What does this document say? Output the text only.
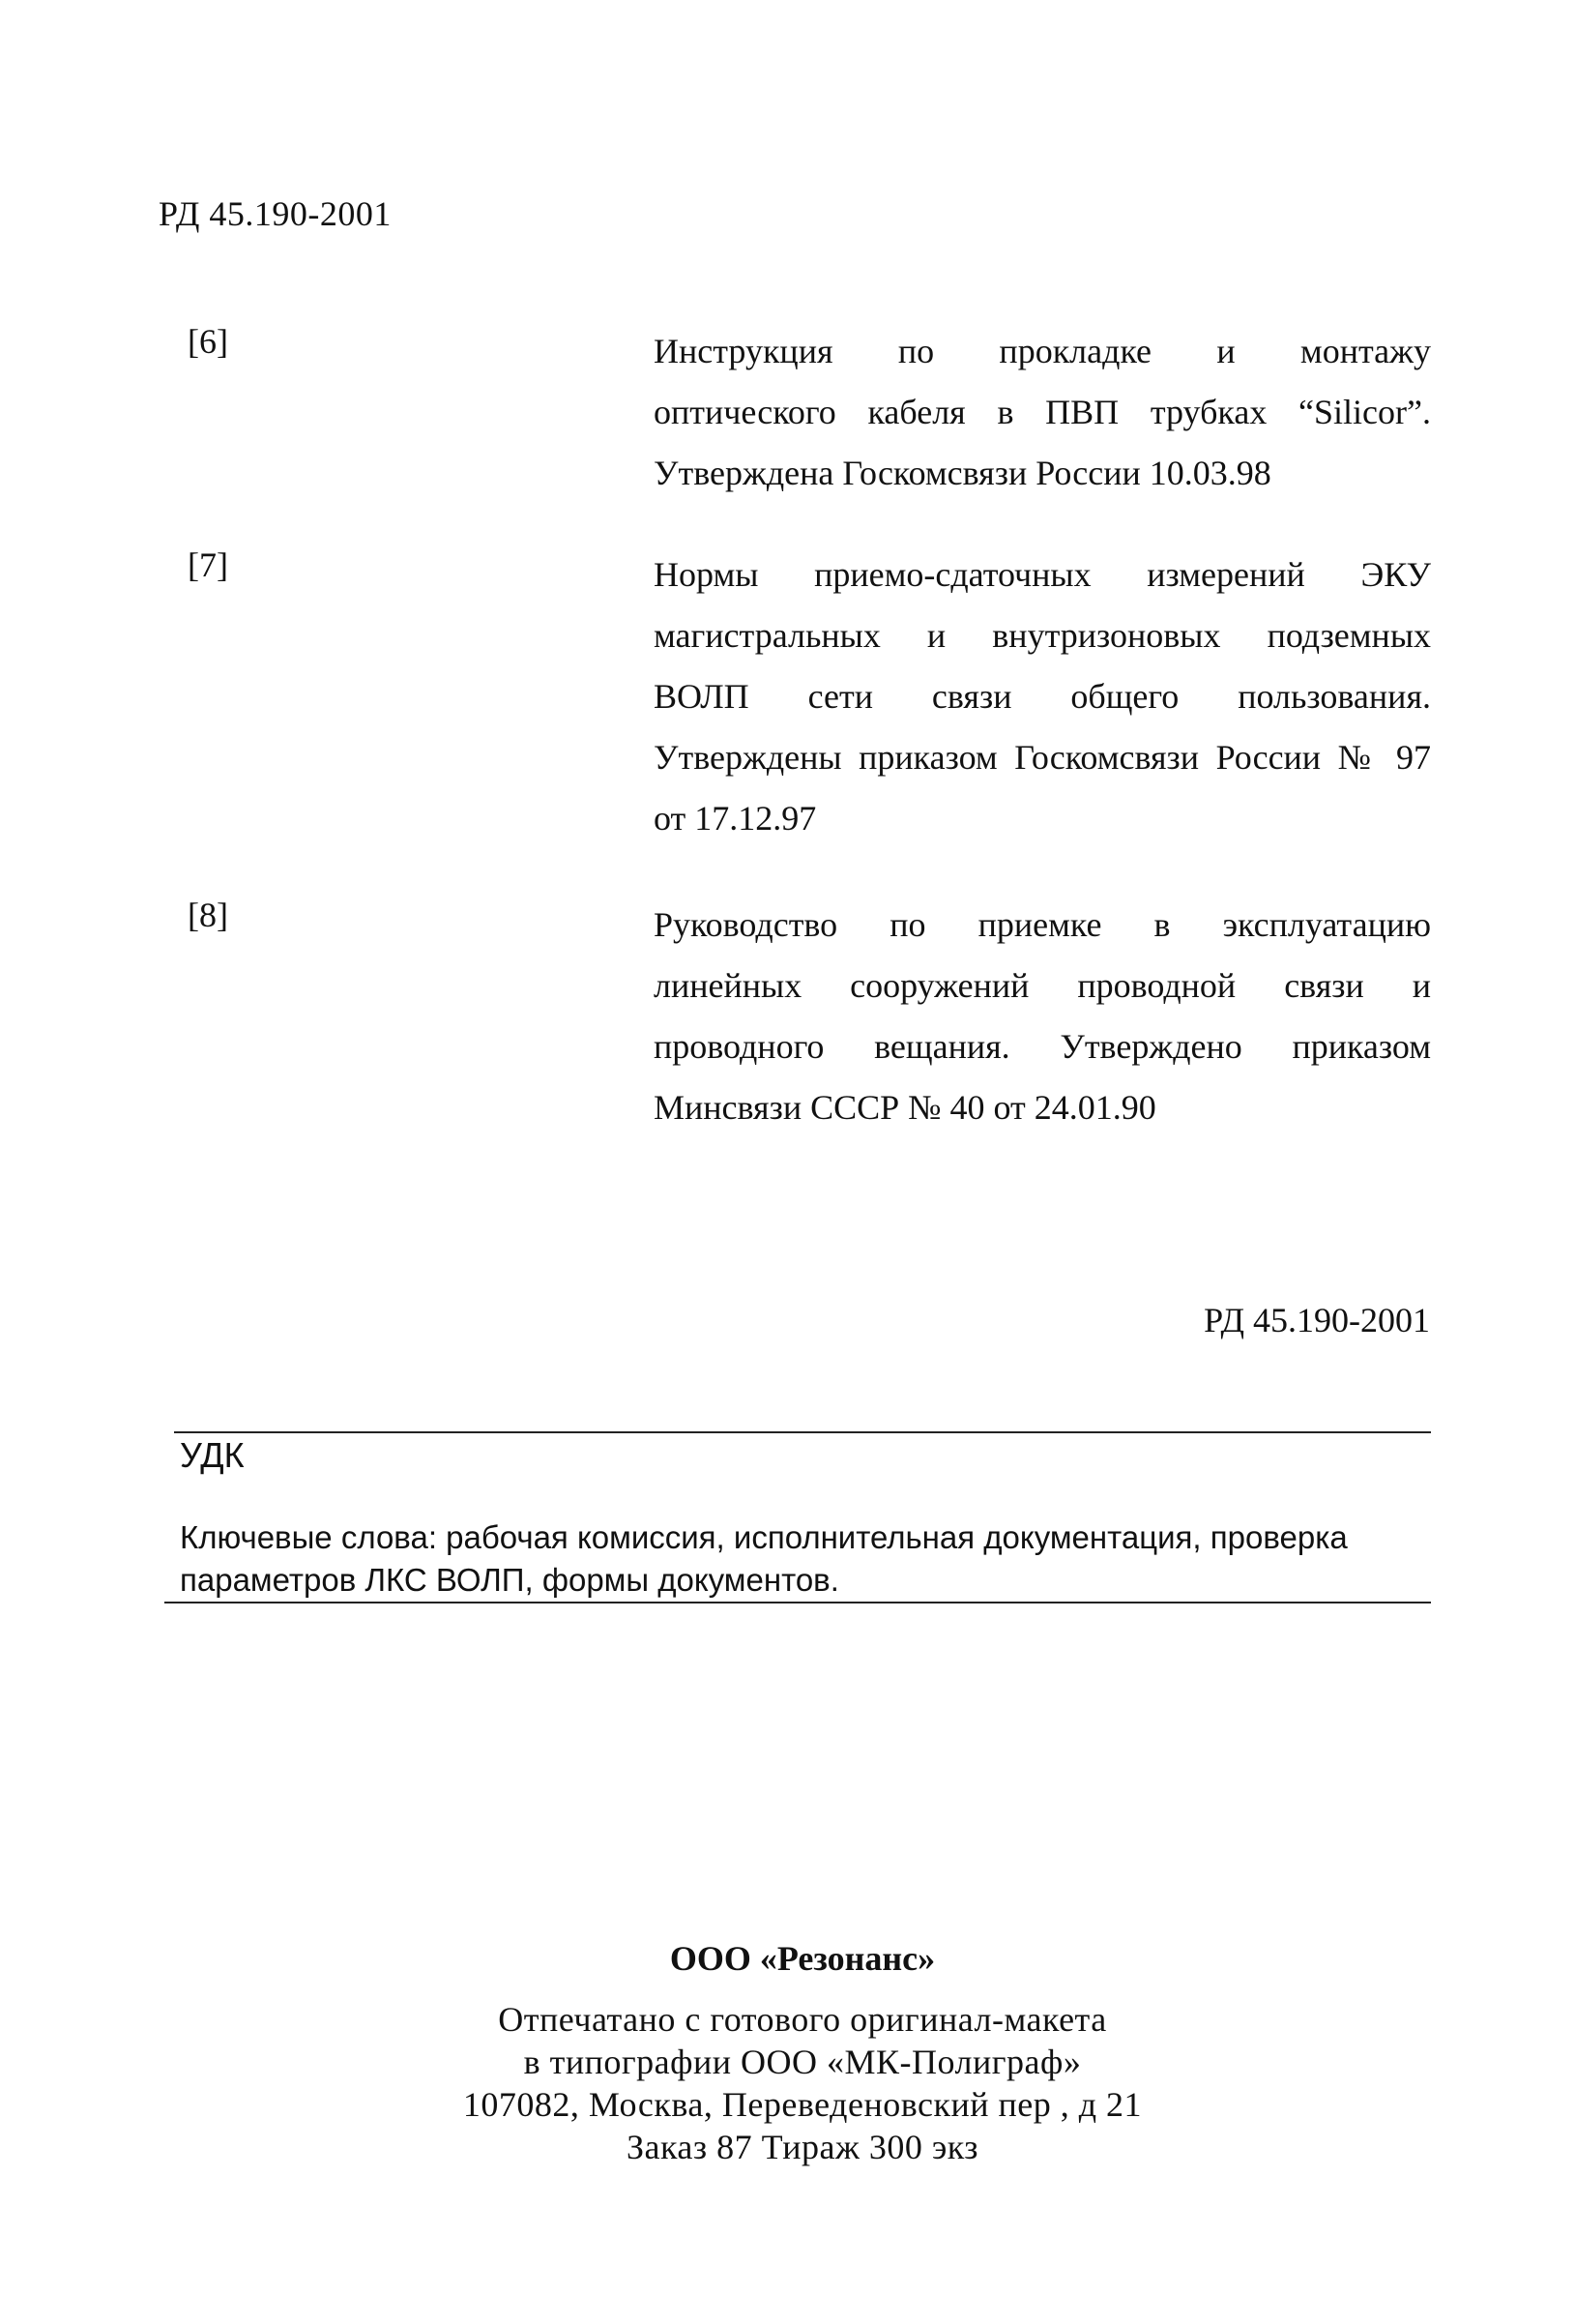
РД 45.190-2001
[6]	Инструкция по прокладке и монтажу
оптического кабеля в ПВП трубках “Silicor”.
Утверждена Госкомсвязи России 10.03.98
[7]	Нормы приемо-сдаточных измерений ЭКУ
магистральных и внутризоновых подземных
ВОЛП сети связи общего пользования.
Утверждены приказом Госкомсвязи России № 97
от 17.12.97
[8]	Руководство по приемке в эксплуатацию
линейных сооружений проводной связи и
проводного вещания. Утверждено приказом
Минсвязи СССР № 40 от 24.01.90
РД 45.190-2001
УДК
Ключевые слова: рабочая комиссия, исполнительная документация, проверка
параметров ЛКС ВОЛП, формы документов.
ООО «Резонанс»
Отпечатано с готового оригинал-макета
в типографии ООО «МК-Полиграф»
107082, Москва, Переведеновский пер , д 21
Заказ 87 Тираж 300 экз
